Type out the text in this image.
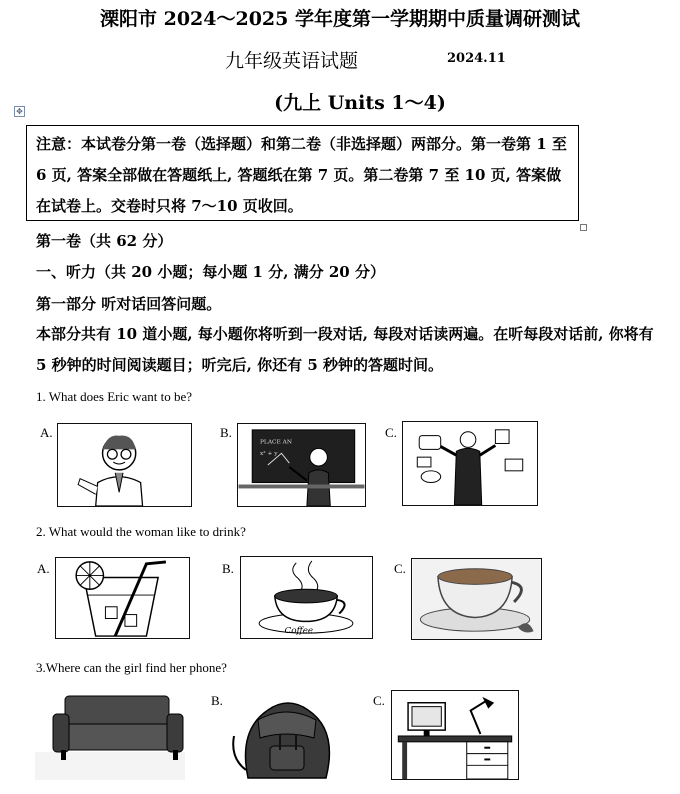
溧阳市 2024～2025 学年度第一学期期中质量调研测试
九年级英语试题	2024.11
(九上 Units 1～4)
✥
注意：本试卷分第一卷（选择题）和第二卷（非选择题）两部分。第一卷第 1 至 6 页, 答案全部做在答题纸上, 答题纸在第 7 页。第二卷第 7 至 10 页, 答案做在试卷上。交卷时只将 7～10 页收回。
第一卷（共 62 分）
一、听力（共 20 小题；每小题 1 分, 满分 20 分）
第一部分 听对话回答问题。
本部分共有 10 道小题, 每小题你将听到一段对话, 每段对话读两遍。在听每段对话前, 你将有
5 秒钟的时间阅读题目；听完后, 你还有 5 秒钟的答题时间。
1. What does Eric want to be?
A.	B.
PLACE AN
x² + y
C.
2. What would the woman like to drink?
A.	B.
Coffee
C.
3.Where can the girl find her phone?
B.	C.
